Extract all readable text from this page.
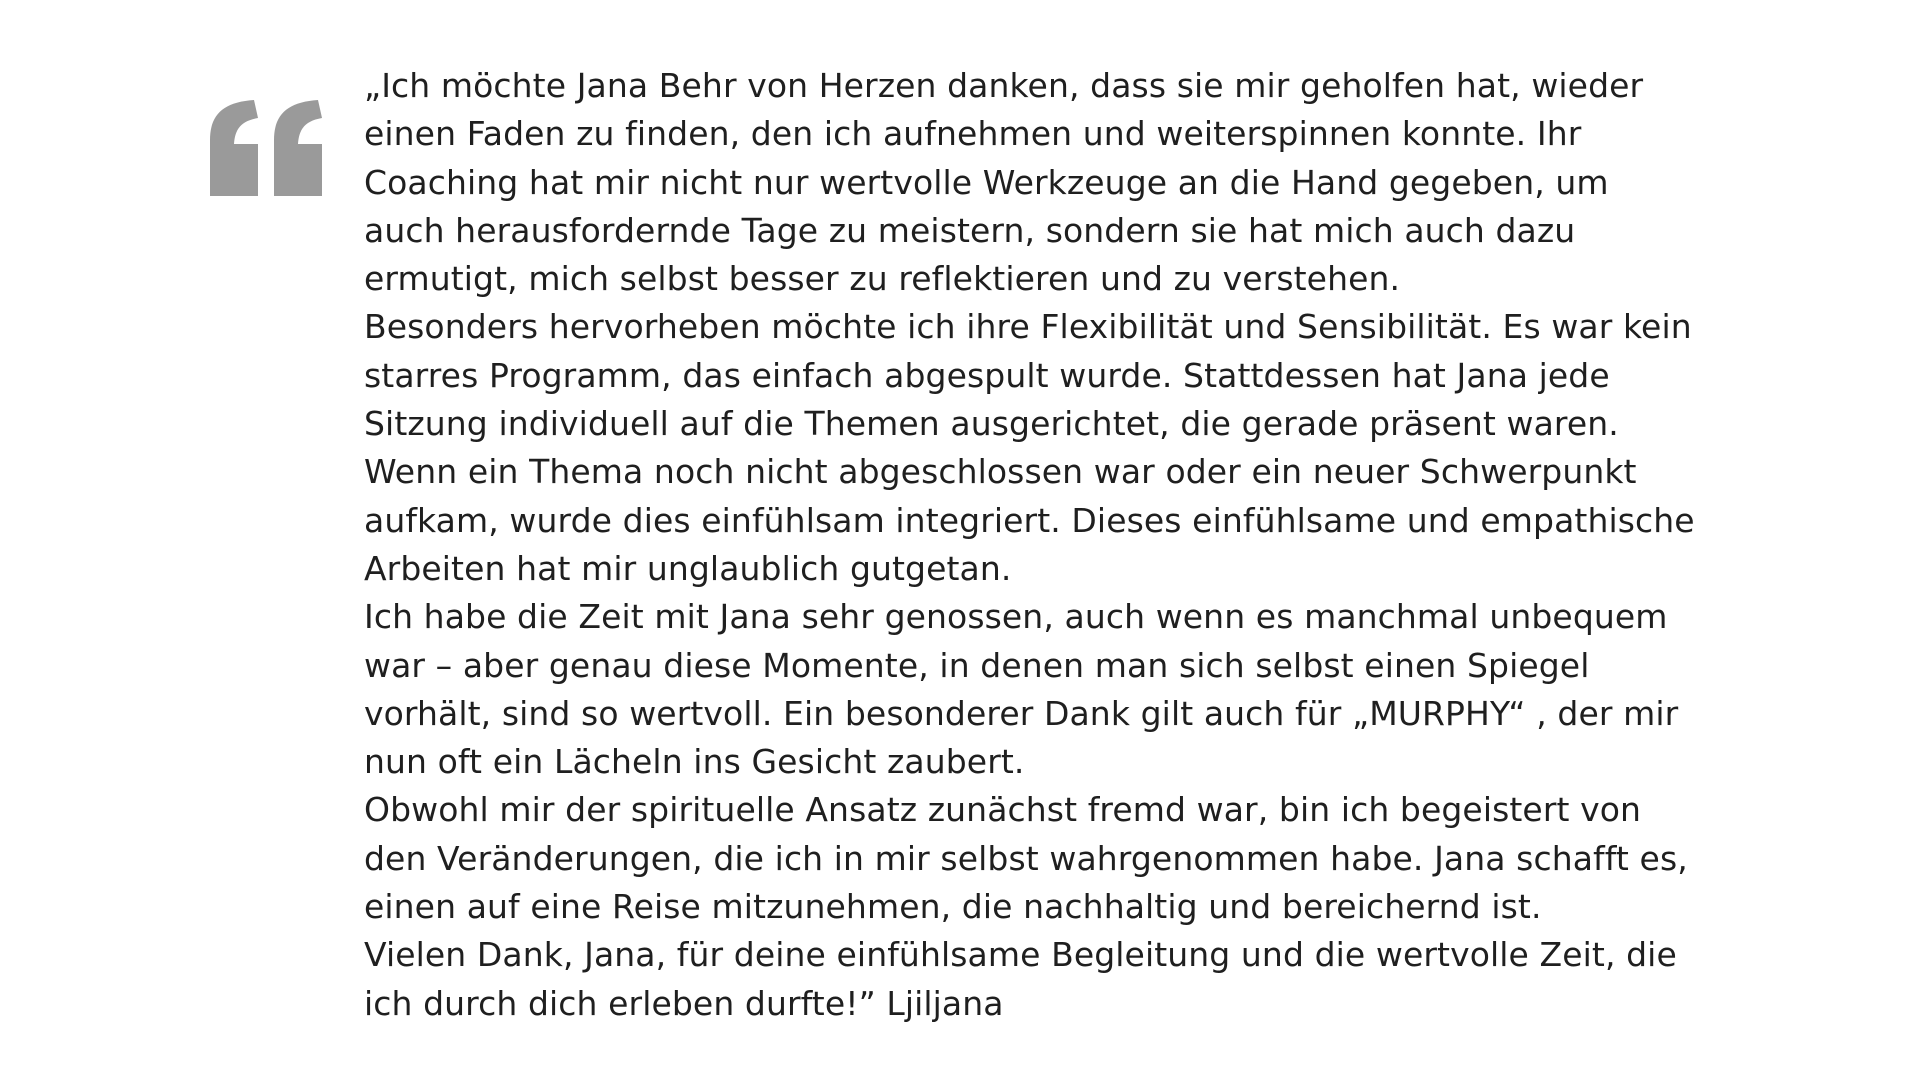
„Ich möchte Jana Behr von Herzen danken, dass sie mir geholfen hat, wieder
einen Faden zu finden, den ich aufnehmen und weiterspinnen konnte. Ihr
Coaching hat mir nicht nur wertvolle Werkzeuge an die Hand gegeben, um
auch herausfordernde Tage zu meistern, sondern sie hat mich auch dazu
ermutigt, mich selbst besser zu reflektieren und zu verstehen.
Besonders hervorheben möchte ich ihre Flexibilität und Sensibilität. Es war kein
starres Programm, das einfach abgespult wurde. Stattdessen hat Jana jede
Sitzung individuell auf die Themen ausgerichtet, die gerade präsent waren.
Wenn ein Thema noch nicht abgeschlossen war oder ein neuer Schwerpunkt
aufkam, wurde dies einfühlsam integriert. Dieses einfühlsame und empathische
Arbeiten hat mir unglaublich gutgetan.
Ich habe die Zeit mit Jana sehr genossen, auch wenn es manchmal unbequem
war – aber genau diese Momente, in denen man sich selbst einen Spiegel
vorhält, sind so wertvoll. Ein besonderer Dank gilt auch für „MURPHY“ , der mir
nun oft ein Lächeln ins Gesicht zaubert.
Obwohl mir der spirituelle Ansatz zunächst fremd war, bin ich begeistert von
den Veränderungen, die ich in mir selbst wahrgenommen habe. Jana schafft es,
einen auf eine Reise mitzunehmen, die nachhaltig und bereichernd ist.
Vielen Dank, Jana, für deine einfühlsame Begleitung und die wertvolle Zeit, die
ich durch dich erleben durfte!” Ljiljana
